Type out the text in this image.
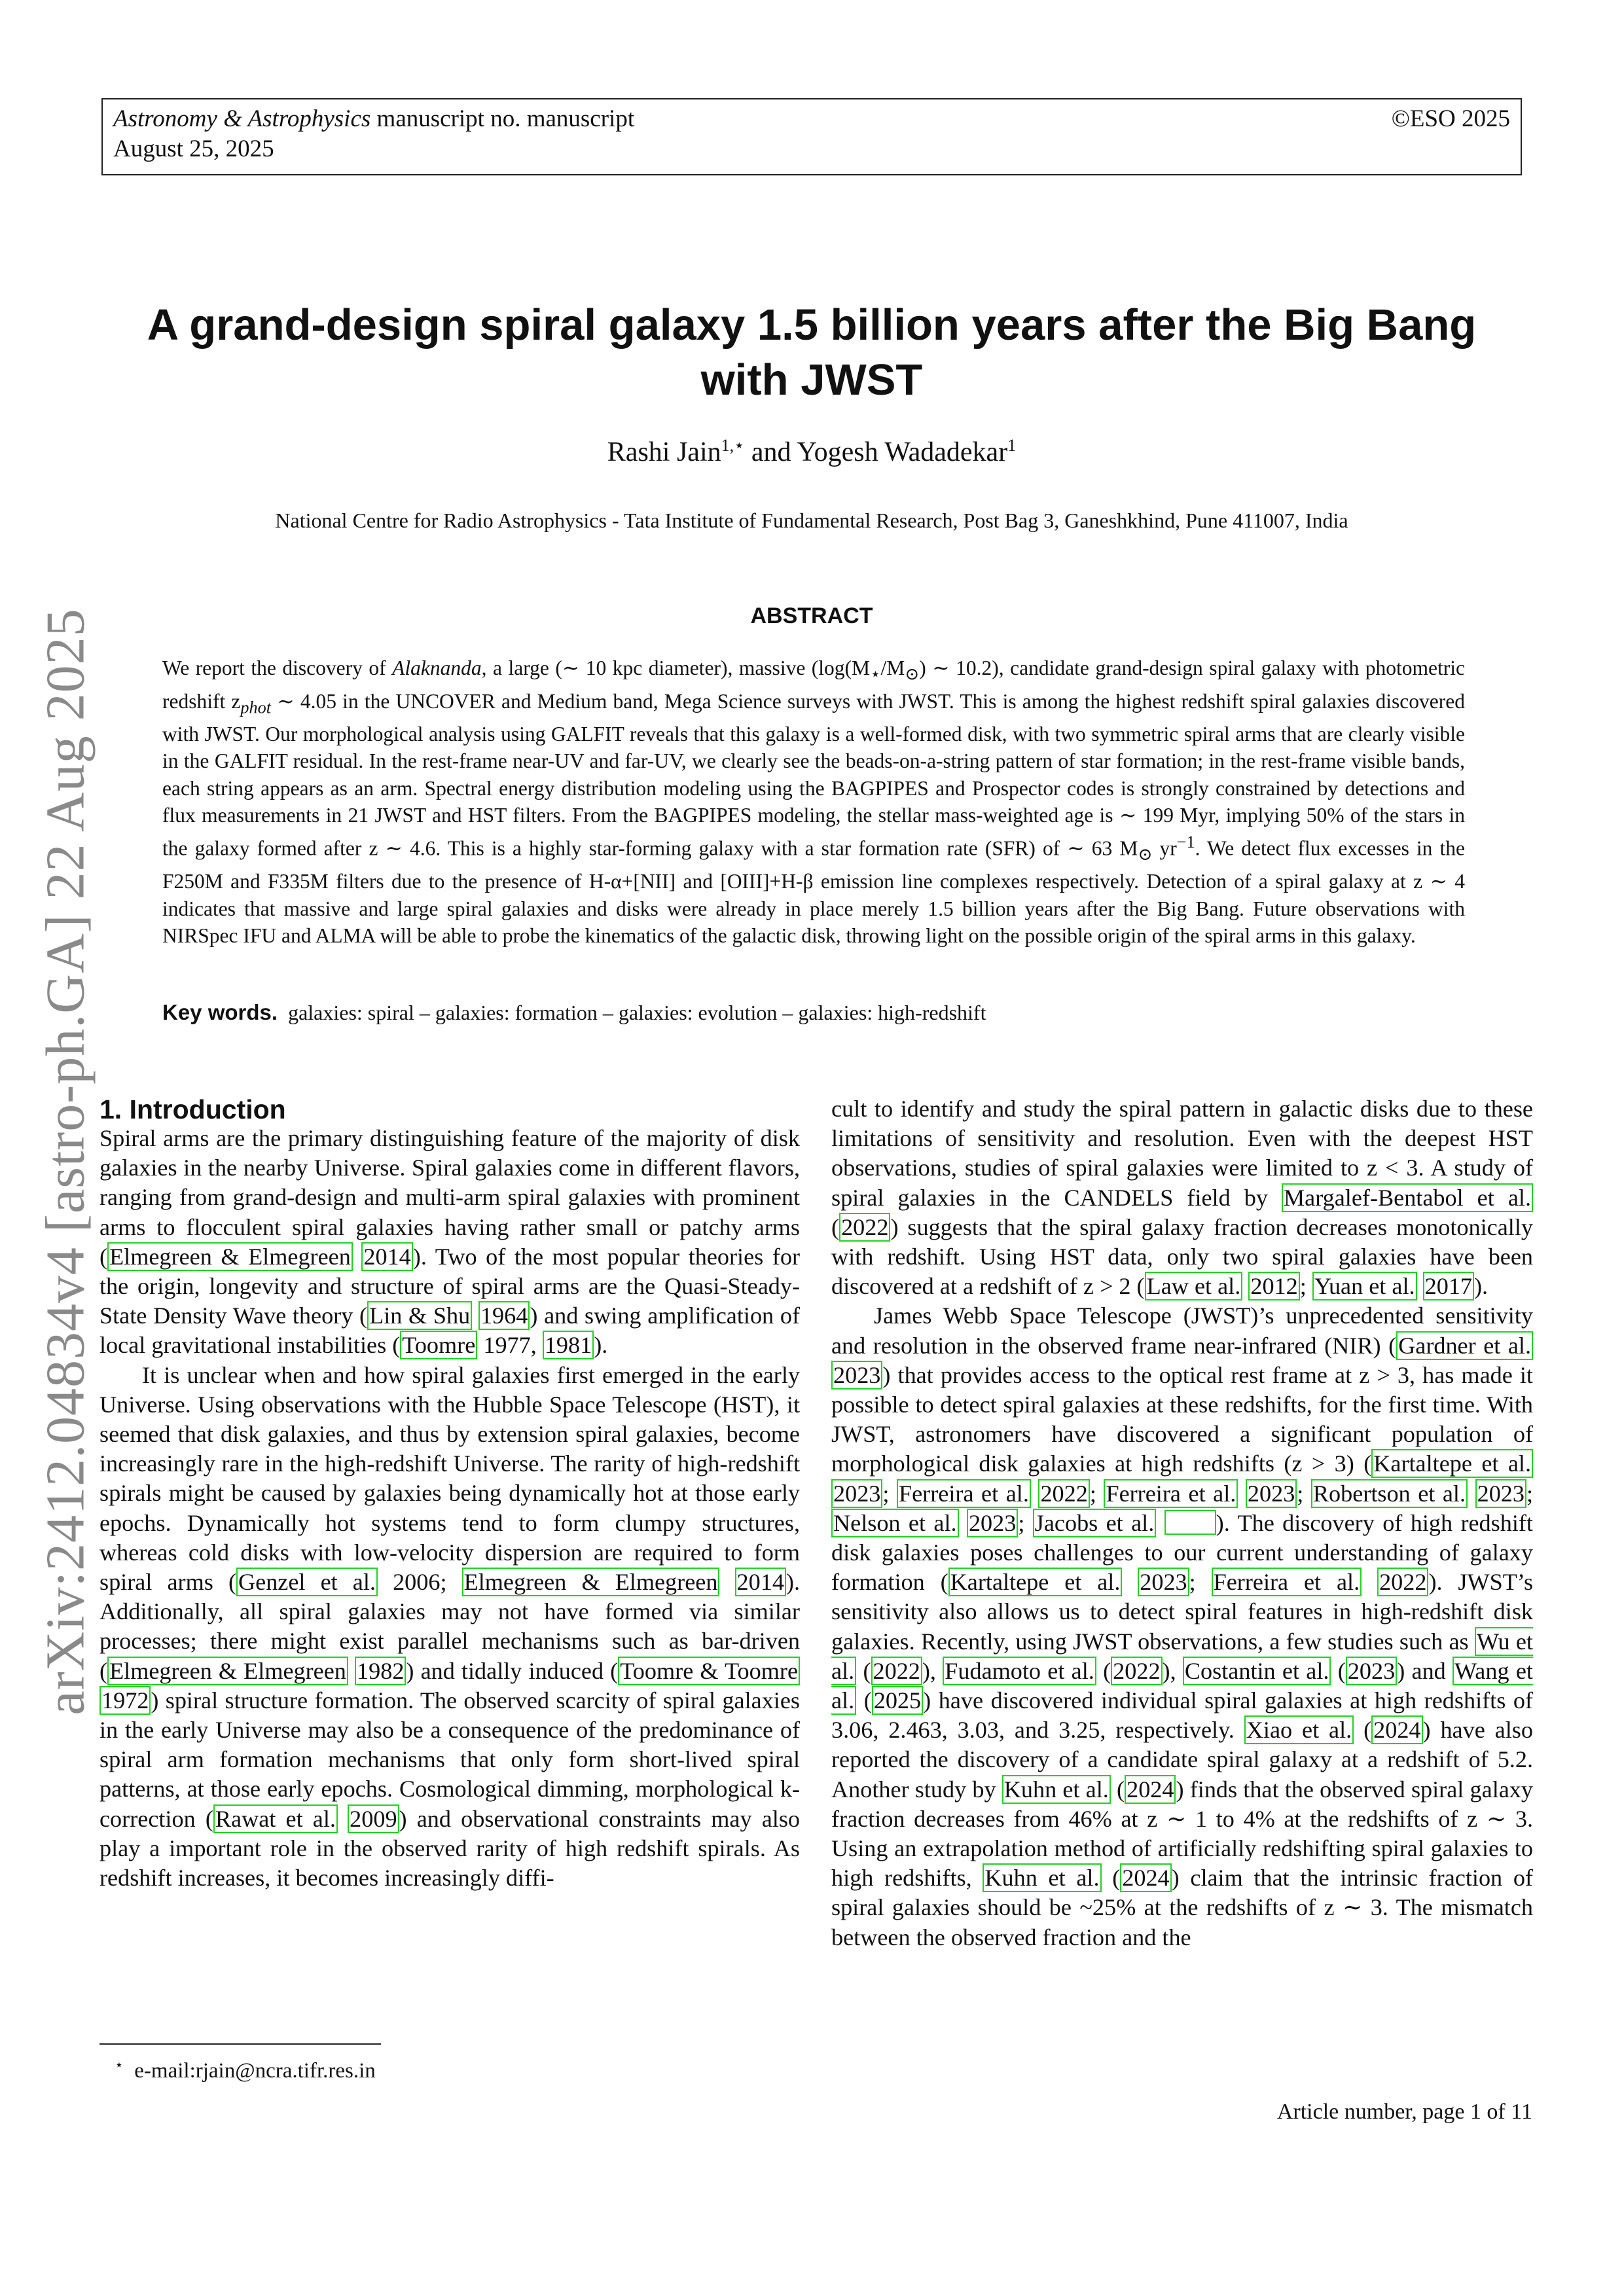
Astronomy & Astrophysics manuscript no. manuscript
August 25, 2025
©ESO 2025
arXiv:2412.04834v4 [astro-ph.GA] 22 Aug 2025
A grand-design spiral galaxy 1.5 billion years after the Big Bang with JWST
Rashi Jain$^{1,⋆}$ and Yogesh Wadadekar$^1$
National Centre for Radio Astrophysics - Tata Institute of Fundamental Research, Post Bag 3, Ganeshkhind, Pune 411007, India
ABSTRACT
We report the discovery of Alaknanda, a large (∼ 10 kpc diameter), massive ($\log(M_⋆/M_⊙)$ ∼ 10.2), candidate grand-design spiral galaxy with photometric redshift $z_{phot}$ ∼ 4.05 in the UNCOVER and Medium band, Mega Science surveys with JWST. This is among the highest redshift spiral galaxies discovered with JWST. Our morphological analysis using GALFIT reveals that this galaxy is a well-formed disk, with two symmetric spiral arms that are clearly visible in the GALFIT residual. In the rest-frame near-UV and far-UV, we clearly see the beads-on-a-string pattern of star formation; in the rest-frame visible bands, each string appears as an arm. Spectral energy distribution modeling using the BAGPIPES and Prospector codes is strongly constrained by detections and flux measurements in 21 JWST and HST filters. From the BAGPIPES modeling, the stellar mass-weighted age is ∼ 199 Myr, implying 50% of the stars in the galaxy formed after z ∼ 4.6. This is a highly star-forming galaxy with a star formation rate (SFR) of ∼ 63 $M_⊙$ $yr^{-1}$. We detect flux excesses in the F250M and F335M filters due to the presence of H-α+[NII] and [OIII]+H-β emission line complexes respectively. Detection of a spiral galaxy at z ∼ 4 indicates that massive and large spiral galaxies and disks were already in place merely 1.5 billion years after the Big Bang. Future observations with NIRSpec IFU and ALMA will be able to probe the kinematics of the galactic disk, throwing light on the possible origin of the spiral arms in this galaxy.
Key words. galaxies: spiral – galaxies: formation – galaxies: evolution – galaxies: high-redshift
1. Introduction

Spiral arms are the primary distinguishing feature of the majority of disk galaxies in the nearby Universe. Spiral galaxies come in different flavors, ranging from grand-design and multi-arm spiral galaxies with prominent arms to flocculent spiral galaxies having rather small or patchy arms (Elmegreen & Elmegreen 2014). Two of the most popular theories for the origin, longevity and structure of spiral arms are the Quasi-Steady-State Density Wave theory (Lin & Shu 1964) and swing amplification of local gravitational instabilities (Toomre 1977, 1981).

It is unclear when and how spiral galaxies first emerged in the early Universe. Using observations with the Hubble Space Telescope (HST), it seemed that disk galaxies, and thus by extension spiral galaxies, become increasingly rare in the high-redshift Universe. The rarity of high-redshift spirals might be caused by galaxies being dynamically hot at those early epochs. Dynamically hot systems tend to form clumpy structures, whereas cold disks with low-velocity dispersion are required to form spiral arms (Genzel et al. 2006; Elmegreen & Elmegreen 2014). Additionally, all spiral galaxies may not have formed via similar processes; there might exist parallel mechanisms such as bar-driven (Elmegreen & Elmegreen 1982) and tidally induced (Toomre & Toomre 1972) spiral structure formation. The observed scarcity of spiral galaxies in the early Universe may also be a consequence of the predominance of spiral arm formation mechanisms that only form short-lived spiral patterns, at those early epochs. Cosmological dimming, morphological k-correction (Rawat et al. 2009) and observational constraints may also play a important role in the observed rarity of high redshift spirals. As redshift increases, it becomes increasingly diffi-

cult to identify and study the spiral pattern in galactic disks due to these limitations of sensitivity and resolution. Even with the deepest HST observations, studies of spiral galaxies were limited to z < 3. A study of spiral galaxies in the CANDELS field by Margalef-Bentabol et al. (2022) suggests that the spiral galaxy fraction decreases monotonically with redshift. Using HST data, only two spiral galaxies have been discovered at a redshift of z > 2 (Law et al. 2012; Yuan et al. 2017).

James Webb Space Telescope (JWST)’s unprecedented sensitivity and resolution in the observed frame near-infrared (NIR) (Gardner et al. 2023) that provides access to the optical rest frame at z > 3, has made it possible to detect spiral galaxies at these redshifts, for the first time. With JWST, astronomers have discovered a significant population of morphological disk galaxies at high redshifts (z > 3) (Kartaltepe et al. 2023; Ferreira et al. 2022; Ferreira et al. 2023; Robertson et al. 2023; Nelson et al. 2023; Jacobs et al.	). The discovery of high redshift disk galaxies poses challenges to our current understanding of galaxy formation (Kartaltepe et al. 2023; Ferreira et al. 2022). JWST’s sensitivity also allows us to detect spiral features in high-redshift disk galaxies. Recently, using JWST observations, a few studies such as Wu et al. (2022), Fudamoto et al. (2022), Costantin et al. (2023) and Wang et al. (2025) have discovered individual spiral galaxies at high redshifts of 3.06, 2.463, 3.03, and 3.25, respectively. Xiao et al. (2024) have also reported the discovery of a candidate spiral galaxy at a redshift of 5.2. Another study by Kuhn et al. (2024) finds that the observed spiral galaxy fraction decreases from 46% at z ∼ 1 to 4% at the redshifts of z ∼ 3. Using an extrapolation method of artificially redshifting spiral galaxies to high redshifts, Kuhn et al. (2024) claim that the intrinsic fraction of spiral galaxies should be ~25% at the redshifts of z ∼ 3. The mismatch between the observed fraction and the

⋆ e-mail:rjain@ncra.tifr.res.in
Article number, page 1 of 11
